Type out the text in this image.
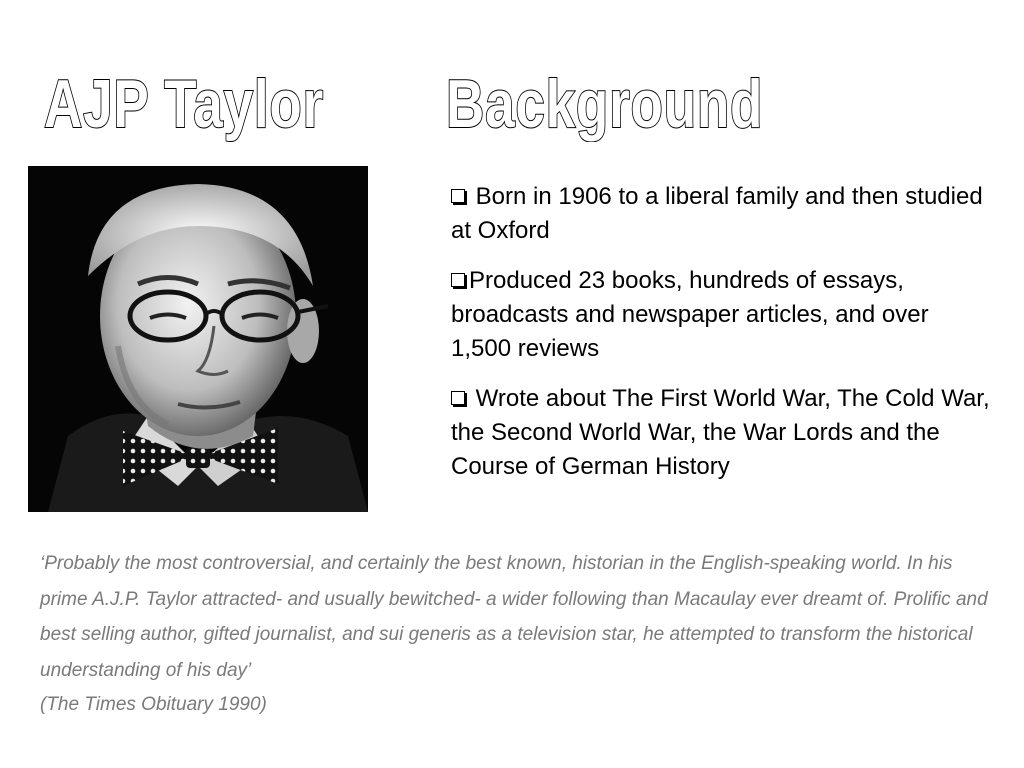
AJP Taylor Background
Born in 1906 to a liberal family and then studied at Oxford
Produced 23 books, hundreds of essays, broadcasts and newspaper articles, and over 1,500 reviews
Wrote about The First World War, The Cold War, the Second World War, the War Lords and the Course of German History
‘Probably the most controversial, and certainly the best known, historian in the English-speaking world. In his prime A.J.P. Taylor attracted- and usually bewitched- a wider following than Macaulay ever dreamt of. Prolific and best selling author, gifted journalist, and sui generis as a television star, he attempted to transform the historical understanding of his day’
(The Times Obituary 1990)
